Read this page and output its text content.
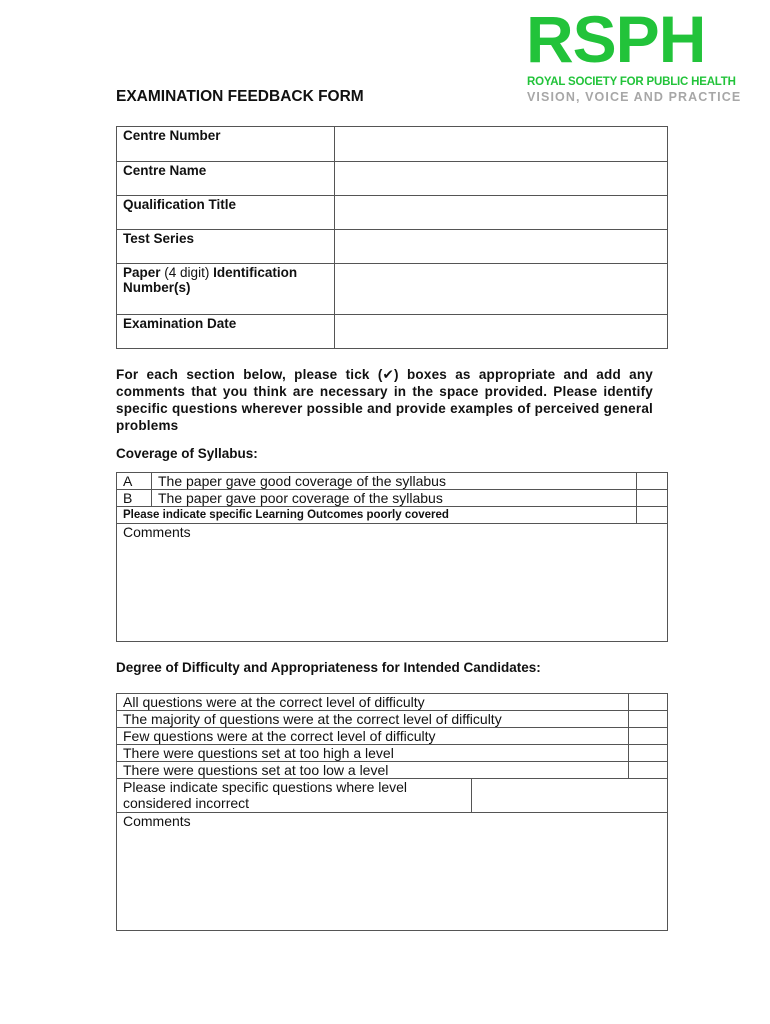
RSPH
ROYAL SOCIETY FOR PUBLIC HEALTH
VISION, VOICE AND PRACTICE
EXAMINATION FEEDBACK FORM
Centre Number	
Centre Name	
Qualification Title	
Test Series	
Paper (4 digit) Identification Number(s)	
Examination Date	
For each section below, please tick (✔) boxes as appropriate and add any comments that you think are necessary in the space provided. Please identify specific questions wherever possible and provide examples of perceived general problems
Coverage of Syllabus:
A	The paper gave good coverage of the syllabus	
B	The paper gave poor coverage of the syllabus	
Please indicate specific Learning Outcomes poorly covered		
Comments		
Degree of Difficulty and Appropriateness for Intended Candidates:
All questions were at the correct level of difficulty		
The majority of questions were at the correct level of difficulty		
Few questions were at the correct level of difficulty		
There were questions set at too high a level		
There were questions set at too low a level		
Please indicate specific questions where level considered incorrect		
Comments		
